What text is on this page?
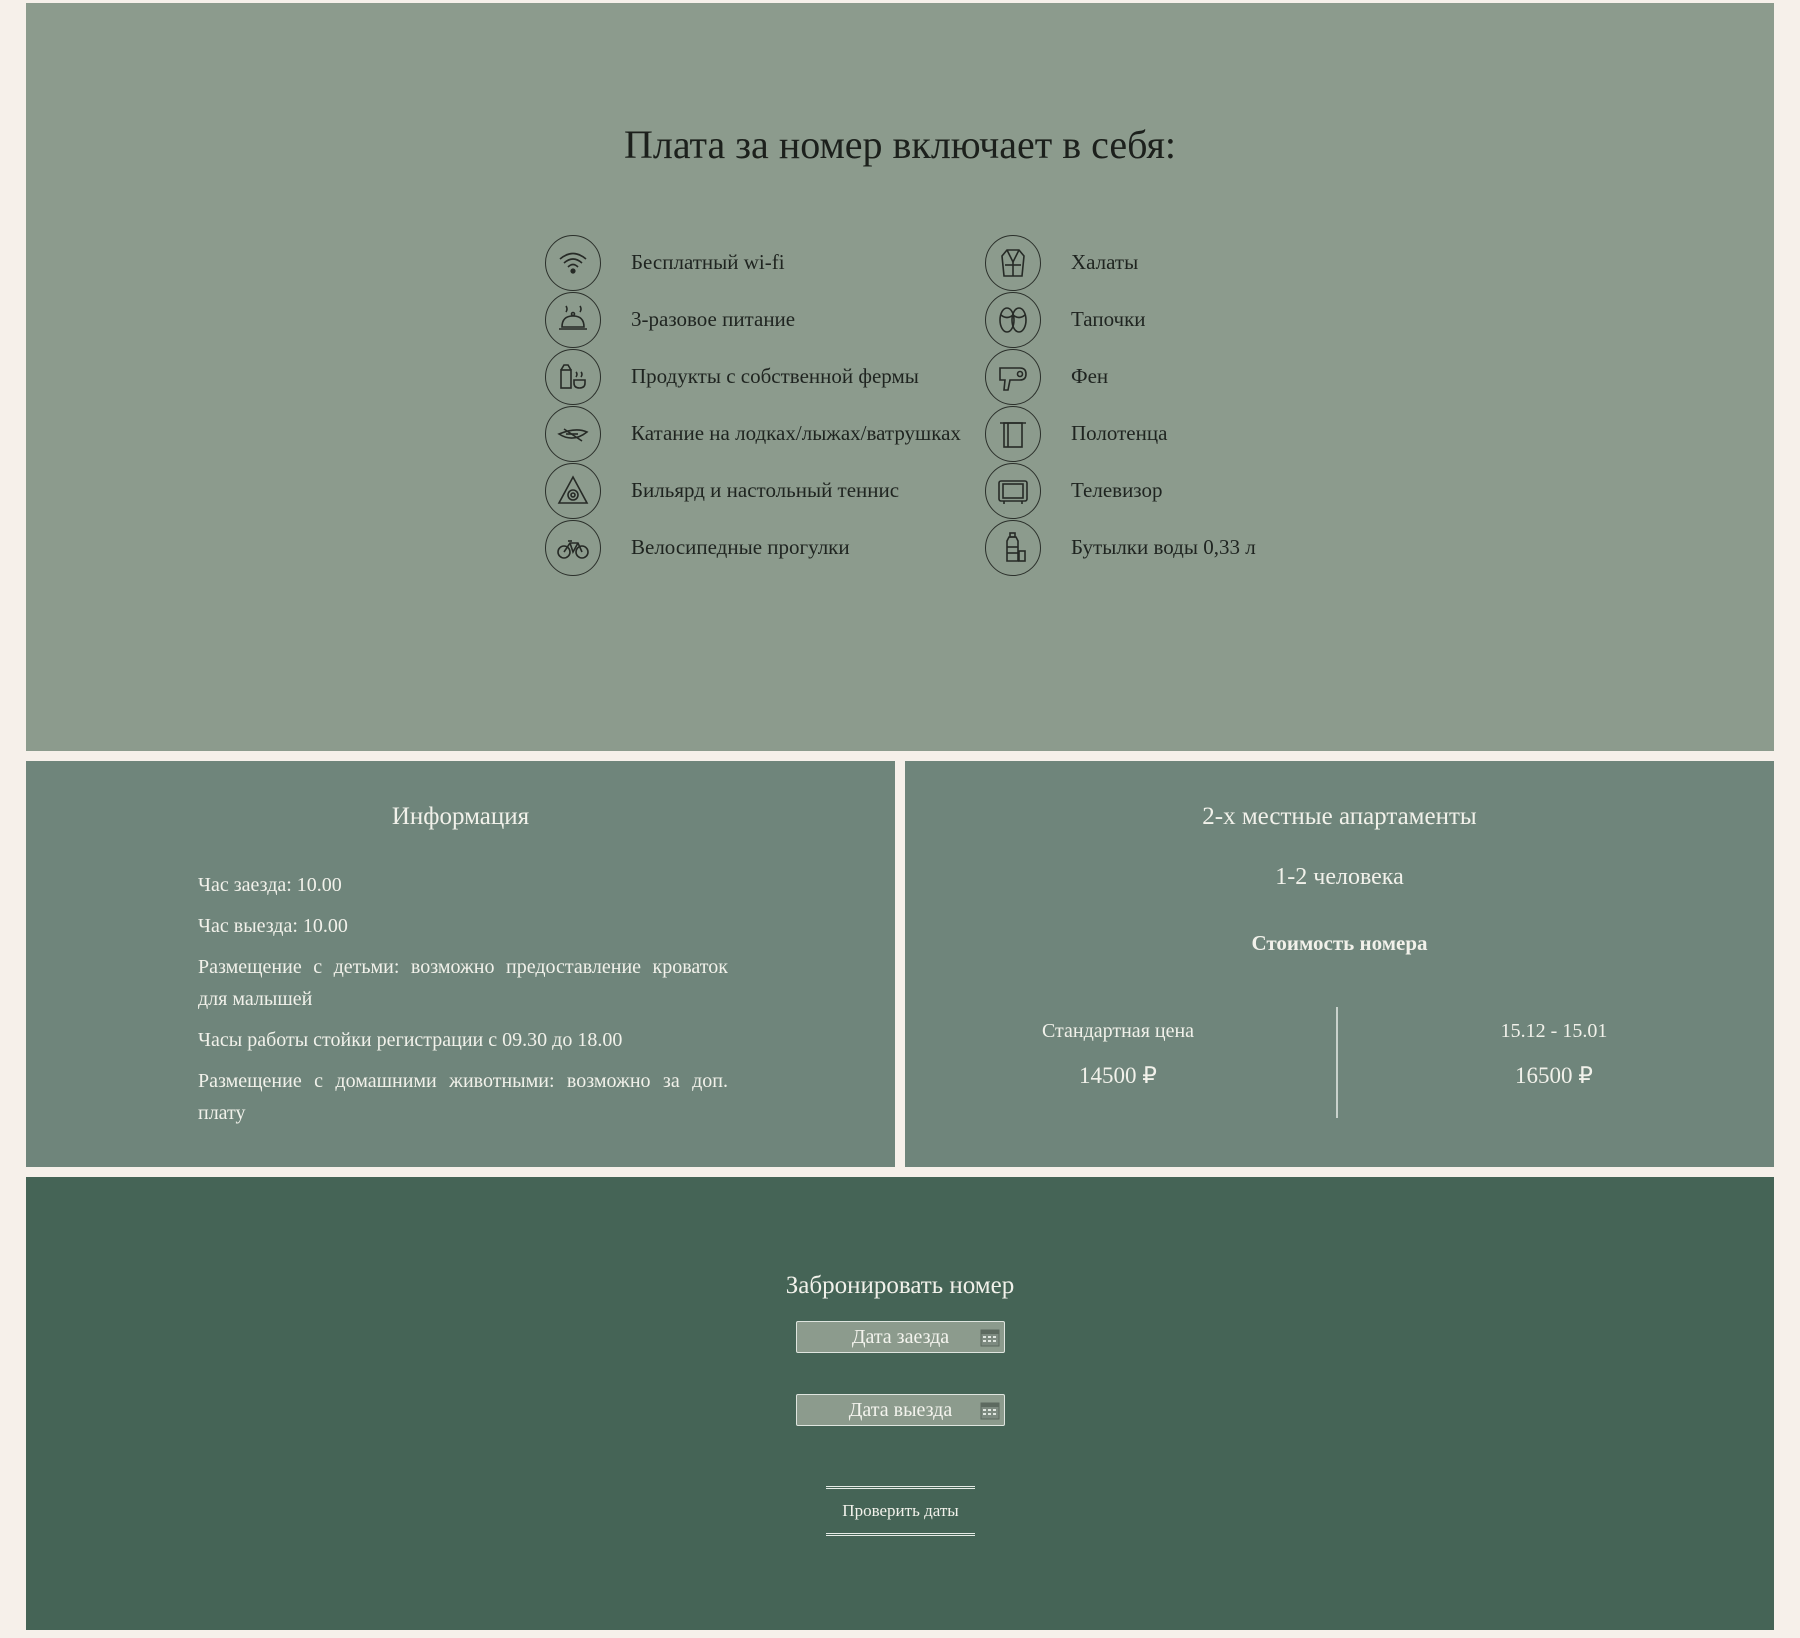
Плата за номер включает в себя:
Бесплатный wi-fi
3-разовое питание
Продукты с собственной фермы
Катание на лодках/лыжах/ватрушках
Бильярд и настольный теннис
Велосипедные прогулки
Халаты
Тапочки
Фен
Полотенца
Телевизор
Бутылки воды 0,33 л
Информация

Час заезда: 10.00

Час выезда: 10.00

Размещение с детьми: возможно предоставление кроваток для малышей

Часы работы стойки регистрации с 09.30 до 18.00

Размещение с домашними животными: возможно за доп. плату

2-х местные апартаменты
1-2 человека
Стоимость номера
Стандартная цена
14500 ₽
15.12 - 15.01
16500 ₽
Забронировать номер
Дата заезда
Дата выезда
Проверить даты
